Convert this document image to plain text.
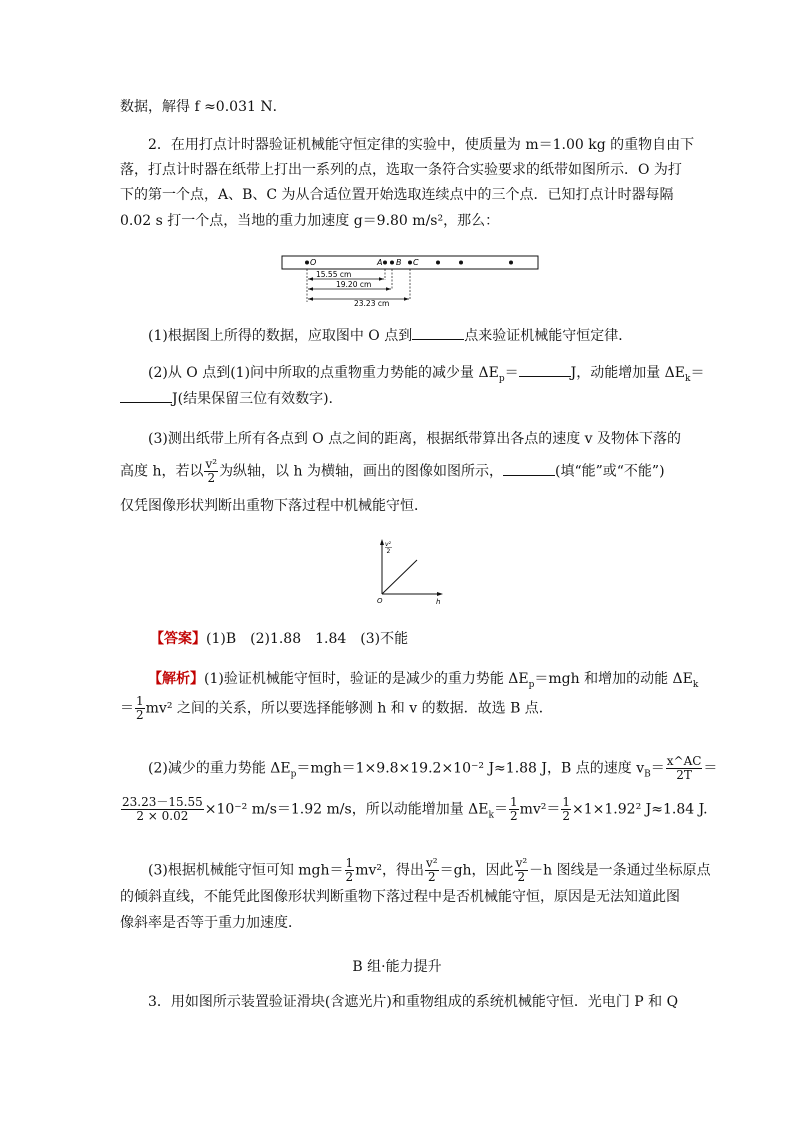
数据，解得 f ≈0.031 N．
2．在用打点计时器验证机械能守恒定律的实验中，使质量为 m＝1.00 kg 的重物自由下
落，打点计时器在纸带上打出一系列的点，选取一条符合实验要求的纸带如图所示．O 为打
下的第一个点，A、B、C 为从合适位置开始选取连续点中的三个点．已知打点计时器每隔
0.02 s 打一个点，当地的重力加速度 g＝9.80 m/s²，那么：
O	A B C
15.55 cm
19.20 cm
23.23 cm
(1)根据图上所得的数据，应取图中 O 点到	点来验证机械能守恒定律．
(2)从 O 点到(1)问中所取的点重物重力势能的减少量 $\Delta E_p=$	J，动能增加量 $\Delta E_k=$
J(结果保留三位有效数字).
(3)测出纸带上所有各点到 O 点之间的距离，根据纸带算出各点的速度 v 及物体下落的
高度 h，若以 $\frac{\text{v²}}{2}$ 为纵轴，以 h 为横轴，画出的图像如图所示，	(填“能”或“不能”)
仅凭图像形状判断出重物下落过程中机械能守恒．
v²
2
O	h
【答案】(1)B　(2)1.88　1.84　(3)不能
【解析】(1)验证机械能守恒时，验证的是减少的重力势能 $\Delta E_p=mgh$ 和增加的动能 $\Delta E_k$
＝ $\frac{1}{2} mv^2$ 之间的关系，所以要选择能够测 h 和 v 的数据．故选 B 点．
(2)减少的重力势能 $\Delta E_p=mgh=1\times 9.8\times 19.2\times 10^{-2}$ J≈1.88 J，B 点的速度 $v_B= \frac{x\^{}AC}{2T}$ ＝
$\frac{23.23-15.55}{2 \times 0.02} \times 10^{-2}$ m/s＝1.92 m/s，所以动能增加量 $\Delta E_k= \frac{1}{2} mv^2= \frac{1}{2} \times 1\times 1.92^2$ J≈1.84 J.
(3)根据机械能守恒可知 $mgh= \frac{1}{2} mv^2$，得出 $\frac{\text{v²}}{2} =gh$，因此 $\frac{\text{v²}}{2} -h$ 图线是一条通过坐标原点
的倾斜直线，不能凭此图像形状判断重物下落过程中是否机械能守恒，原因是无法知道此图
像斜率是否等于重力加速度．
B 组·能力提升
3．用如图所示装置验证滑块(含遮光片)和重物组成的系统机械能守恒．光电门 P 和 Q
